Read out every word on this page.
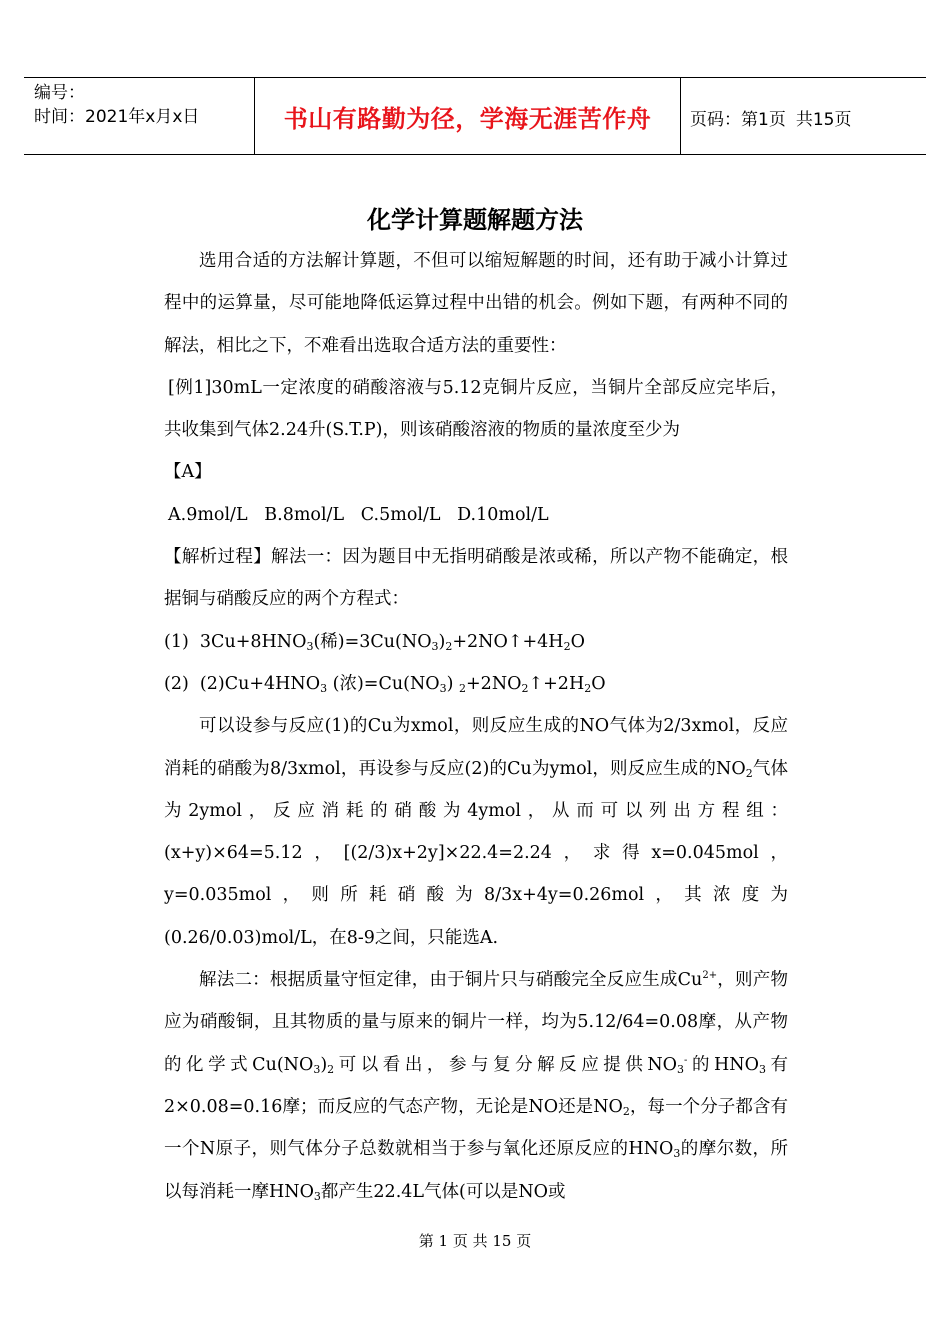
编号：
时间：2021年x月x日	书山有路勤为径，学海无涯苦作舟	页码：第1页 共15页
化学计算题解题方法

选用合适的方法解计算题，不但可以缩短解题的时间，还有助于减小计算过程中的运算量，尽可能地降低运算过程中出错的机会。例如下题，有两种不同的解法，相比之下，不难看出选取合适方法的重要性：

[例1]30mL一定浓度的硝酸溶液与5.12克铜片反应，当铜片全部反应完毕后，共收集到气体2.24升(S.T.P)，则该硝酸溶液的物质的量浓度至少为

【A】

A.9mol/L   B.8mol/L   C.5mol/L   D.10mol/L

【解析过程】解法一：因为题目中无指明硝酸是浓或稀，所以产物不能确定，根据铜与硝酸反应的两个方程式：

(1)  $3Cu+8HNO_3$(稀)$=3Cu(NO_3)_2+2NO↑+4H_2O$

(2)  $(2)Cu+4HNO_3$ (浓)$=Cu(NO_3)$ $_2+2NO_2↑+2H_2O$

可以设参与反应(1)的Cu为xmol，则反应生成的NO气体为2/3xmol，反应消耗的硝酸为8/3xmol，再设参与反应(2)的Cu为ymol，则反应生成的$NO_2$气体为2ymol，反应消耗的硝酸为4ymol，从而可以列出方程组：(x+y)×64=5.12，[(2/3)x+2y]×22.4=2.24，求得x=0.045mol，y=0.035mol，则所耗硝酸为8/3x+4y=0.26mol，其浓度为(0.26/0.03)mol/L，在8-9之间，只能选A.

解法二：根据质量守恒定律，由于铜片只与硝酸完全反应生成$Cu^{2+}$，则产物应为硝酸铜，且其物质的量与原来的铜片一样，均为5.12/64=0.08摩，从产物的化学式$Cu(NO_3)_2$可以看出，参与复分解反应提供$NO_3^-$的$HNO_3$有2×0.08=0.16摩；而反应的气态产物，无论是NO还是$NO_2$，每一个分子都含有一个N原子，则气体分子总数就相当于参与氧化还原反应的$HNO_3$的摩尔数，所以每消耗一摩$HNO_3$都产生22.4L气体(可以是NO或

第 1 页 共 15 页
